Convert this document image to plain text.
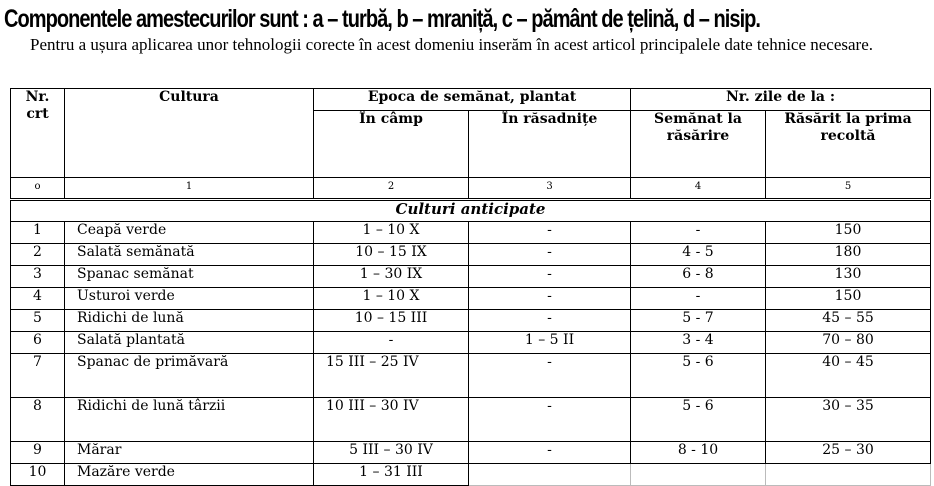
Componentele amestecurilor sunt : a – turbă, b – mraniță, c – pământ de țelină, d – nisip.

Pentru a ușura aplicarea unor tehnologii corecte în acest domeniu inserăm în acest articol principalele date tehnice necesare.

Nr. crt	Cultura	Epoca de semănat, plantat		Nr. zile de la :	
		În câmp	În răsadnițe	Semănat la răsărire	Răsărit la prima recoltă
o	1	2	3	4	5
Culturi anticipate					
1	Ceapă verde	1 – 10 X	-	-	150
2	Salată semănată	10 – 15 IX	-	4 - 5	180
3	Spanac semănat	1 – 30 IX	-	6 - 8	130
4	Usturoi verde	1 – 10 X	-	-	150
5	Ridichi de lună	10 – 15 III	-	5 - 7	45 – 55
6	Salată plantată	-	1 – 5 II	3 - 4	70 – 80
7	Spanac de primăvară	15 III – 25 IV	-	5 - 6	40 – 45
8	Ridichi de lună târzii	10 III – 30 IV	-	5 - 6	30 – 35
9	Mărar	5 III – 30 IV	-	8 - 10	25 – 30
10	Mazăre verde	1 – 31 III			
